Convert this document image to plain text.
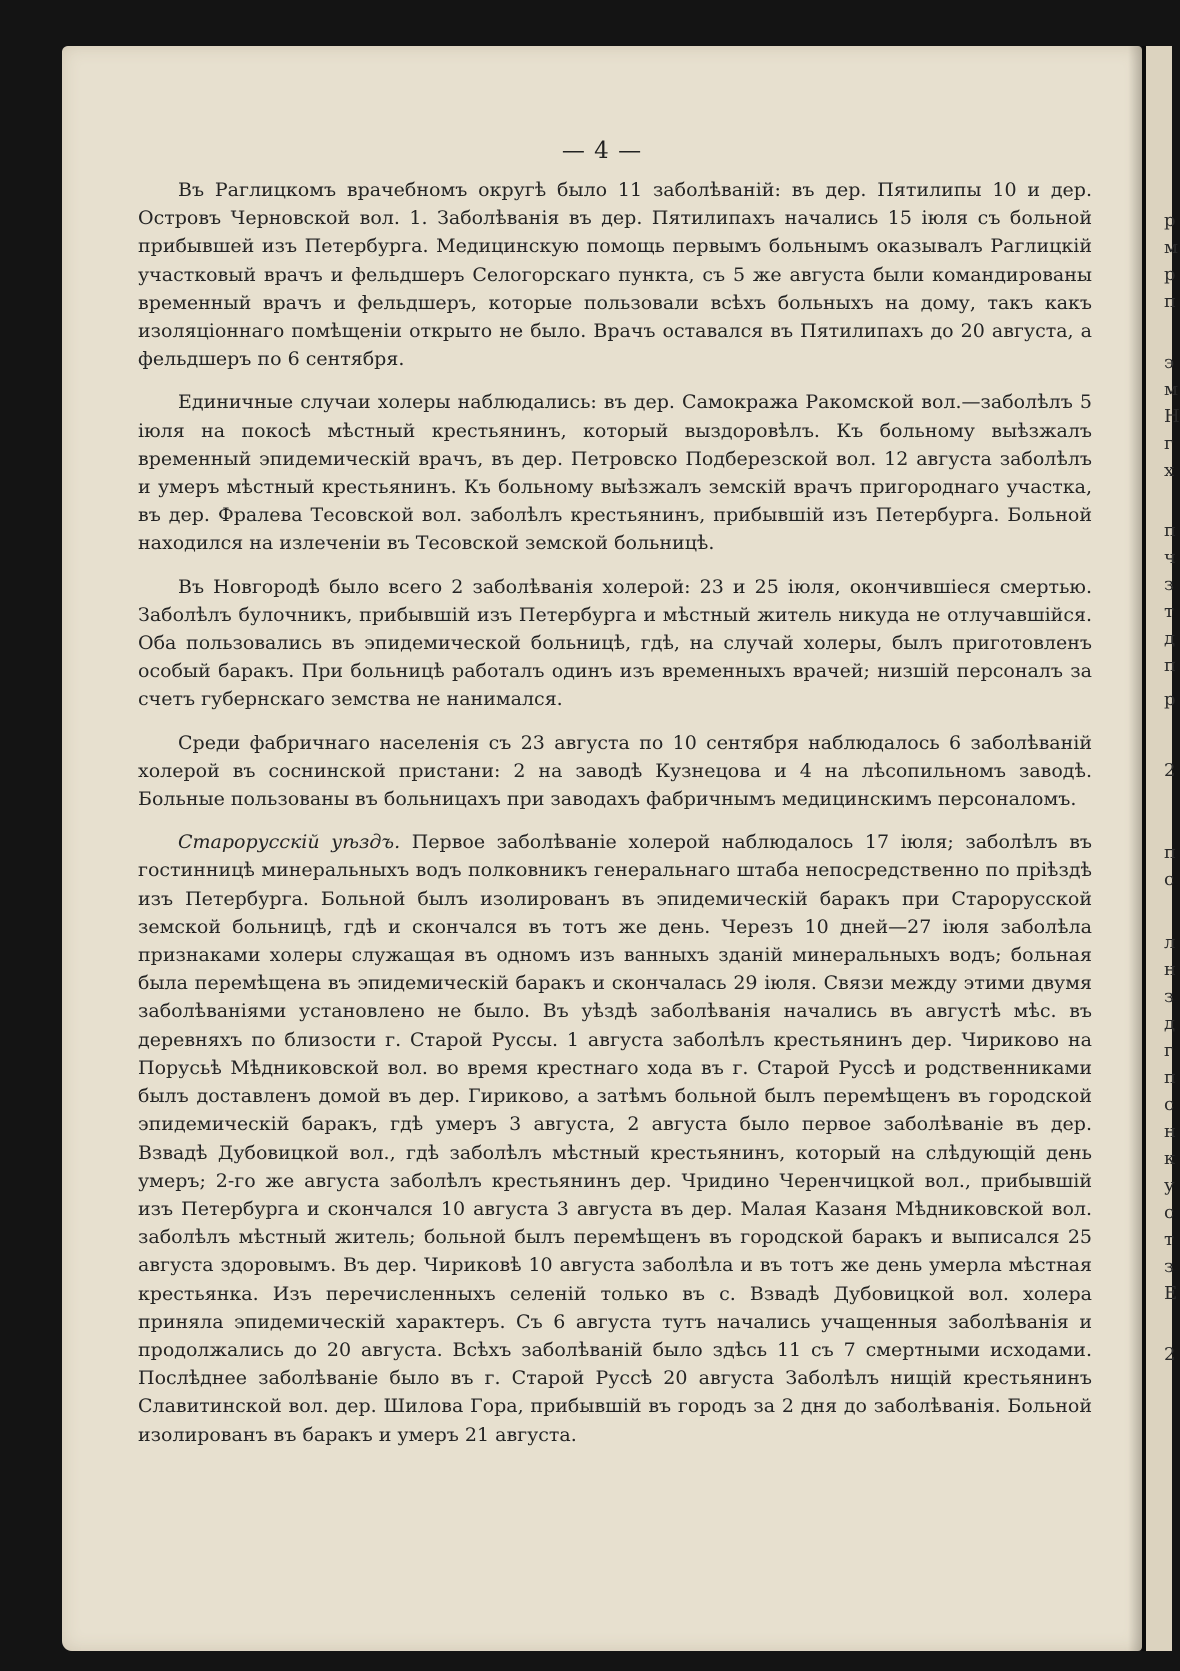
— 4 —

Въ Раглицкомъ врачебномъ округѣ было 11 заболѣваній: въ дер. Пятилипы 10 и дер. Островъ Черновской вол. 1. Заболѣванія въ дер. Пятилипахъ начались 15 іюля съ больной прибывшей изъ Петербурга. Медицинскую помощь первымъ больнымъ оказывалъ Раглицкій участковый врачъ и фельдшеръ Селогорскаго пункта, съ 5 же августа были командированы временный врачъ и фельдшеръ, которые пользовали всѣхъ больныхъ на дому, такъ какъ изоляціоннаго помѣщеніи открыто не было. Врачъ оставался въ Пятилипахъ до 20 августа, а фельдшеръ по 6 сентября.

Единичные случаи холеры наблюдались: въ дер. Самокража Ракомской вол.—заболѣлъ 5 іюля на покосѣ мѣстный крестьянинъ, который выздоровѣлъ. Къ больному выѣзжалъ временный эпидемическій врачъ, въ дер. Петровско Подберезской вол. 12 августа заболѣлъ и умеръ мѣстный крестьянинъ. Къ больному выѣзжалъ земскій врачъ пригороднаго участка, въ дер. Фралева Тесовской вол. заболѣлъ крестьянинъ, прибывшій изъ Петербурга. Больной находился на излеченіи въ Тесовской земской больницѣ.

Въ Новгородѣ было всего 2 заболѣванія холерой: 23 и 25 іюля, окончившіеся смертью. Заболѣлъ булочникъ, прибывшій изъ Петербурга и мѣстный житель никуда не отлучавшійся. Оба пользовались въ эпидемической больницѣ, гдѣ, на случай холеры, былъ приготовленъ особый баракъ. При больницѣ работалъ одинъ изъ временныхъ врачей; низшій персоналъ за счетъ губернскаго земства не нанимался.

Среди фабричнаго населенія съ 23 августа по 10 сентября наблюдалось 6 заболѣваній холерой въ соснинской пристани: 2 на заводѣ Кузнецова и 4 на лѣсопильномъ заводѣ. Больные пользованы въ больницахъ при заводахъ фабричнымъ медицинскимъ персоналомъ.

Старорусскій уѣздъ. Первое заболѣваніе холерой наблюдалось 17 іюля; заболѣлъ въ гостинницѣ минеральныхъ водъ полковникъ генеральнаго штаба непосредственно по пріѣздѣ изъ Петербурга. Больной былъ изолированъ въ эпидемическій баракъ при Старорусской земской больницѣ, гдѣ и скончался въ тотъ же день. Черезъ 10 дней—27 іюля заболѣла признаками холеры служащая въ одномъ изъ ванныхъ зданій минеральныхъ водъ; больная была перемѣщена въ эпидемическій баракъ и скончалась 29 іюля. Связи между этими двумя заболѣваніями установлено не было. Въ уѣздѣ заболѣванія начались въ августѣ мѣс. въ деревняхъ по близости г. Старой Руссы. 1 августа заболѣлъ крестьянинъ дер. Чириково на Порусьѣ Мѣдниковской вол. во время крестнаго хода въ г. Старой Руссѣ и родственниками былъ доставленъ домой въ дер. Гириково, а затѣмъ больной былъ перемѣщенъ въ городской эпидемическій баракъ, гдѣ умеръ 3 августа, 2 августа было первое заболѣваніе въ дер. Взвадѣ Дубовицкой вол., гдѣ заболѣлъ мѣстный крестьянинъ, который на слѣдующій день умеръ; 2-го же августа заболѣлъ крестьянинъ дер. Чридино Черенчицкой вол., прибывшій изъ Петербурга и скончался 10 августа 3 августа въ дер. Малая Казаня Мѣдниковской вол. заболѣлъ мѣстный житель; больной былъ перемѣщенъ въ городской баракъ и выписался 25 августа здоровымъ. Въ дер. Чириковѣ 10 августа заболѣла и въ тотъ же день умерла мѣстная крестьянка. Изъ перечисленныхъ селеній только въ с. Взвадѣ Дубовицкой вол. холера приняла эпидемическій характеръ. Съ 6 августа тутъ начались учащенныя заболѣванія и продолжались до 20 августа. Всѣхъ заболѣваній было здѣсь 11 съ 7 смертными исходами. Послѣднее заболѣваніе было въ г. Старой Руссѣ 20 августа Заболѣлъ нищій крестьянинъ Славитинской вол. дер. Шилова Гора, прибывшій въ городъ за 2 дня до заболѣванія. Больной изолированъ въ баракъ и умеръ 21 августа.

р
м
р
п
э
м
Н
г
х
п
ч
з
т
д
п
р
2
п
с
л
н
з
д
г
п
с
н
к
у
с
т
з
Е
2
